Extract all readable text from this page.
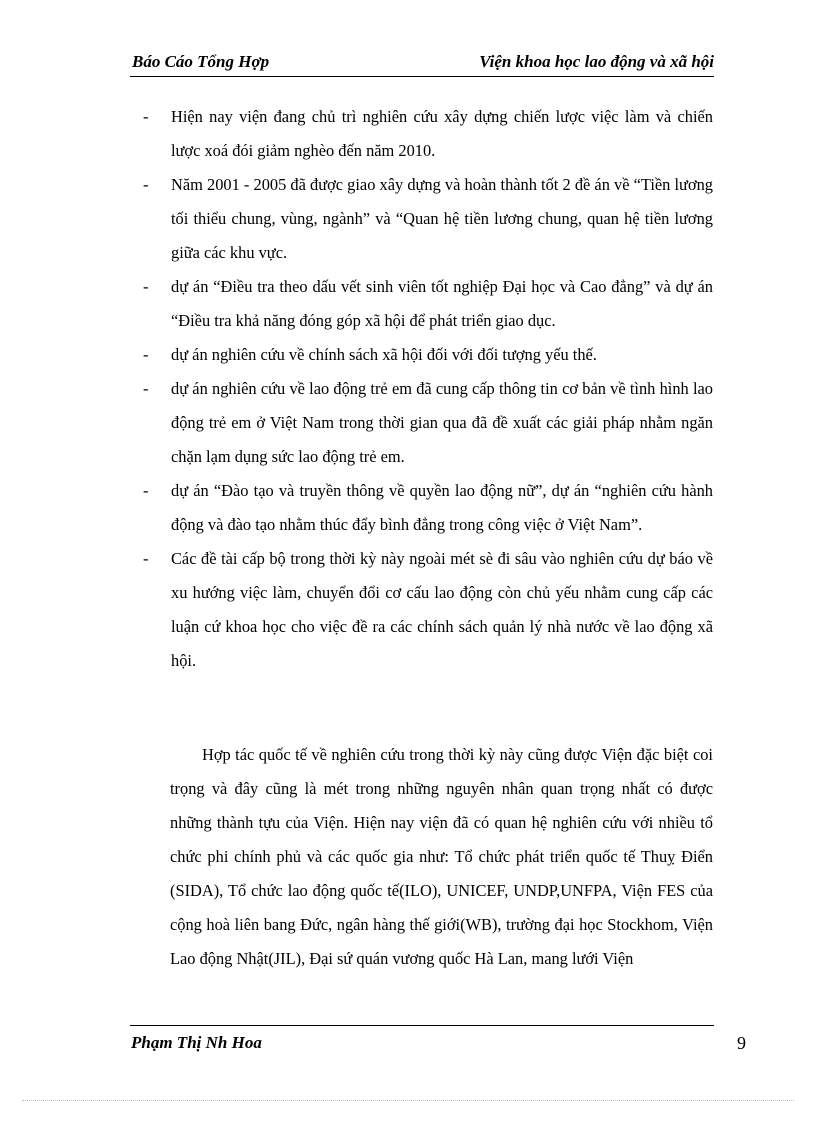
Báo Cáo Tổng Hợp	Viện khoa học lao động và xã hội
- Hiện nay viện đang chủ trì nghiên cứu xây dựng chiến lược việc làm và chiến lược xoá đói giảm nghèo đến năm 2010.
- Năm 2001 - 2005 đã được giao xây dựng và hoàn thành tốt 2 đề án về “Tiền lương tối thiểu chung, vùng, ngành” và “Quan hệ tiền lương chung, quan hệ tiền lương giữa các khu vực.
- dự án “Điều tra theo dấu vết sinh viên tốt nghiệp Đại học và Cao đẳng” và dự án “Điều tra khả năng đóng góp xã hội để phát triển giao dục.
- dự án nghiên cứu về chính sách xã hội đối với đối tượng yếu thế.
- dự án nghiên cứu về lao động trẻ em đã cung cấp thông tin cơ bản về tình hình lao động trẻ em ở Việt Nam trong thời gian qua đã đề xuất các giải pháp nhằm ngăn chặn lạm dụng sức lao động trẻ em.
- dự án “Đào tạo và truyền thông về quyền lao động nữ”, dự án “nghiên cứu hành động và đào tạo nhằm thúc đẩy bình đẳng trong công việc ở Việt Nam”.
- Các đề tài cấp bộ trong thời kỳ này ngoài mét sè đi sâu vào nghiên cứu dự báo về xu hướng việc làm, chuyển đổi cơ cấu lao động còn chủ yếu nhằm cung cấp các luận cứ khoa học cho việc đề ra các chính sách quản lý nhà nước về lao động xã hội.

Hợp tác quốc tế về nghiên cứu trong thời kỳ này cũng được Viện đặc biệt coi trọng và đây cũng là mét trong những nguyên nhân quan trọng nhất có được những thành tựu của Viện. Hiện nay viện đã có quan hệ nghiên cứu với nhiều tổ chức phi chính phủ và các quốc gia như: Tổ chức phát triển quốc tế Thuỵ Điển (SIDA), Tổ chức lao động quốc tế(ILO), UNICEF, UNDP,UNFPA, Viện FES của cộng hoà liên bang Đức, ngân hàng thế giới(WB), trường đại học Stockhom, Viện Lao động Nhật(JIL), Đại sứ quán vương quốc Hà Lan, mang lưới Viện

Phạm Thị Nh Hoa	9
